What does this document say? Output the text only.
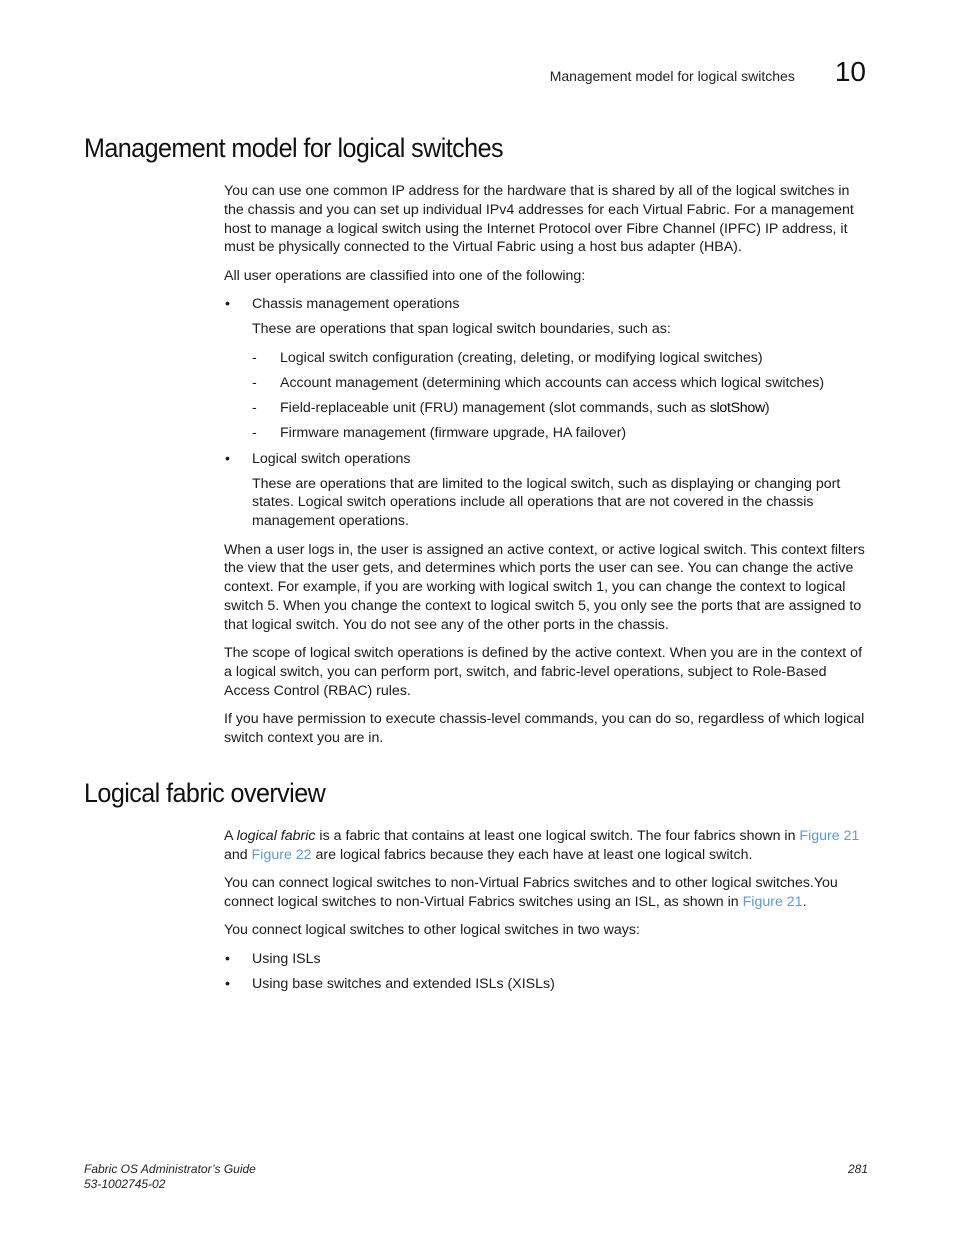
Management model for logical switches 10
Management model for logical switches

You can use one common IP address for the hardware that is shared by all of the logical switches in the chassis and you can set up individual IPv4 addresses for each Virtual Fabric. For a management host to manage a logical switch using the Internet Protocol over Fibre Channel (IPFC) IP address, it must be physically connected to the Virtual Fabric using a host bus adapter (HBA).

All user operations are classified into one of the following:

• Chassis management operations

These are operations that span logical switch boundaries, such as:

- Logical switch configuration (creating, deleting, or modifying logical switches)
- Account management (determining which accounts can access which logical switches)
- Field-replaceable unit (FRU) management (slot commands, such as slotShow)
- Firmware management (firmware upgrade, HA failover)
• Logical switch operations

These are operations that are limited to the logical switch, such as displaying or changing port states. Logical switch operations include all operations that are not covered in the chassis management operations.

When a user logs in, the user is assigned an active context, or active logical switch. This context filters the view that the user gets, and determines which ports the user can see. You can change the active context. For example, if you are working with logical switch 1, you can change the context to logical switch 5. When you change the context to logical switch 5, you only see the ports that are assigned to that logical switch. You do not see any of the other ports in the chassis.

The scope of logical switch operations is defined by the active context. When you are in the context of a logical switch, you can perform port, switch, and fabric-level operations, subject to Role-Based Access Control (RBAC) rules.

If you have permission to execute chassis-level commands, you can do so, regardless of which logical switch context you are in.

Logical fabric overview

A logical fabric is a fabric that contains at least one logical switch. The four fabrics shown in Figure 21 and Figure 22 are logical fabrics because they each have at least one logical switch.

You can connect logical switches to non-Virtual Fabrics switches and to other logical switches.You connect logical switches to non-Virtual Fabrics switches using an ISL, as shown in Figure 21.

You connect logical switches to other logical switches in two ways:

• Using ISLs
• Using base switches and extended ISLs (XISLs)
Fabric OS Administrator’s Guide
53-1002745-02
281
